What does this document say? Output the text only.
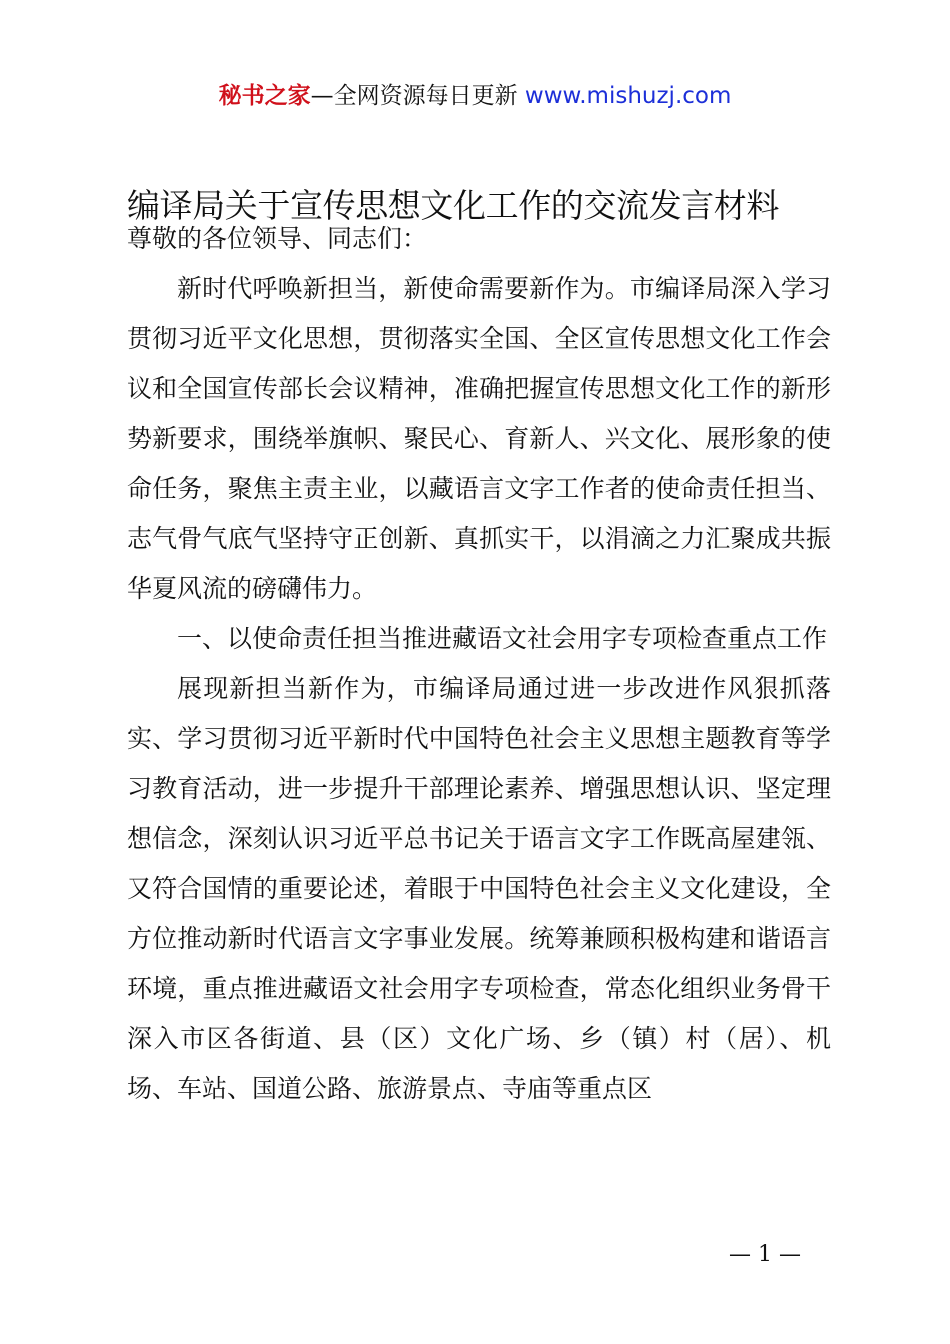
秘书之家—全网资源每日更新 www.mishuzj.com
编译局关于宣传思想文化工作的交流发言材料

尊敬的各位领导、同志们：

新时代呼唤新担当，新使命需要新作为。市编译局深入学习贯彻习近平文化思想，贯彻落实全国、全区宣传思想文化工作会议和全国宣传部长会议精神，准确把握宣传思想文化工作的新形势新要求，围绕举旗帜、聚民心、育新人、兴文化、展形象的使命任务，聚焦主责主业，以藏语言文字工作者的使命责任担当、志气骨气底气坚持守正创新、真抓实干，以涓滴之力汇聚成共振华夏风流的磅礴伟力。

一、以使命责任担当推进藏语文社会用字专项检查重点工作

展现新担当新作为，市编译局通过进一步改进作风狠抓落实、学习贯彻习近平新时代中国特色社会主义思想主题教育等学习教育活动，进一步提升干部理论素养、增强思想认识、坚定理想信念，深刻认识习近平总书记关于语言文字工作既高屋建瓴、又符合国情的重要论述，着眼于中国特色社会主义文化建设，全方位推动新时代语言文字事业发展。统筹兼顾积极构建和谐语言环境，重点推进藏语文社会用字专项检查，常态化组织业务骨干深入市区各街道、县（区）文化广场、乡（镇）村（居）、机场、车站、国道公路、旅游景点、寺庙等重点区

— 1 —
